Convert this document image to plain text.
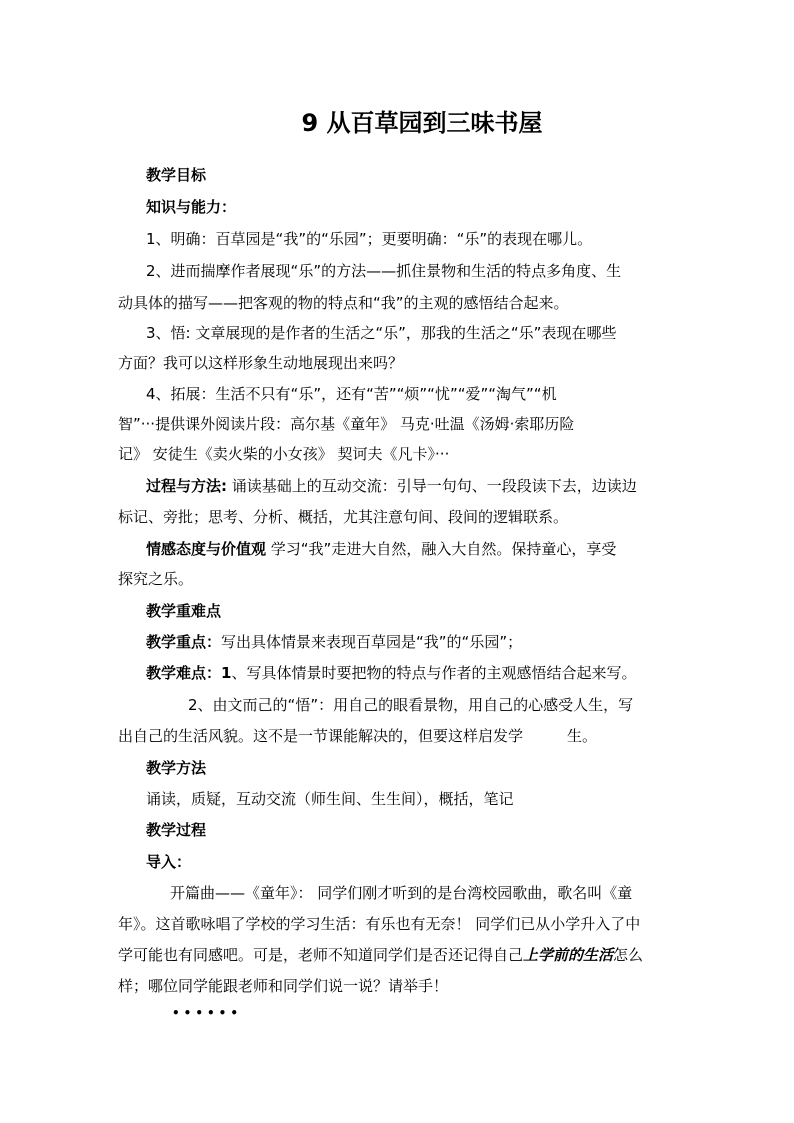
9 从百草园到三味书屋
教学目标
知识与能力：
1、明确：百草园是“我”的“乐园”；更要明确：“乐”的表现在哪儿。
2、进而揣摩作者展现“乐”的方法——抓住景物和生活的特点多角度、生
动具体的描写——把客观的物的特点和“我”的主观的感悟结合起来。
3、悟: 文章展现的是作者的生活之“乐”，那我的生活之“乐”表现在哪些
方面？我可以这样形象生动地展现出来吗？
4、拓展：生活不只有“乐”，还有“苦”“烦”“忧”“爱”“淘气”“机
智”···提供课外阅读片段：高尔基《童年》 马克·吐温《汤姆·索耶历险
记》 安徒生《卖火柴的小女孩》 契诃夫《凡卡》···
过程与方法: 诵读基础上的互动交流：引导一句句、一段段读下去，边读边
标记、旁批；思考、分析、概括，尤其注意句间、段间的逻辑联系。
情感态度与价值观 学习“我”走进大自然，融入大自然。保持童心，享受
探究之乐。
教学重难点
教学重点：写出具体情景来表现百草园是“我”的“乐园”；
教学难点：1、写具体情景时要把物的特点与作者的主观感悟结合起来写。
2、由文而己的“悟”：用自己的眼看景物，用自己的心感受人生，写
出自己的生活风貌。这不是一节课能解决的，但要这样启发学	生。
教学方法
诵读，质疑，互动交流（师生间、生生间），概括，笔记
教学过程
导入：
开篇曲——《童年》： 同学们刚才听到的是台湾校园歌曲，歌名叫《童
年》。这首歌咏唱了学校的学习生活：有乐也有无奈！ 同学们已从小学升入了中
学可能也有同感吧。可是，老师不知道同学们是否还记得自己上学前的生活怎么
样；哪位同学能跟老师和同学们说一说？请举手！
••••••
